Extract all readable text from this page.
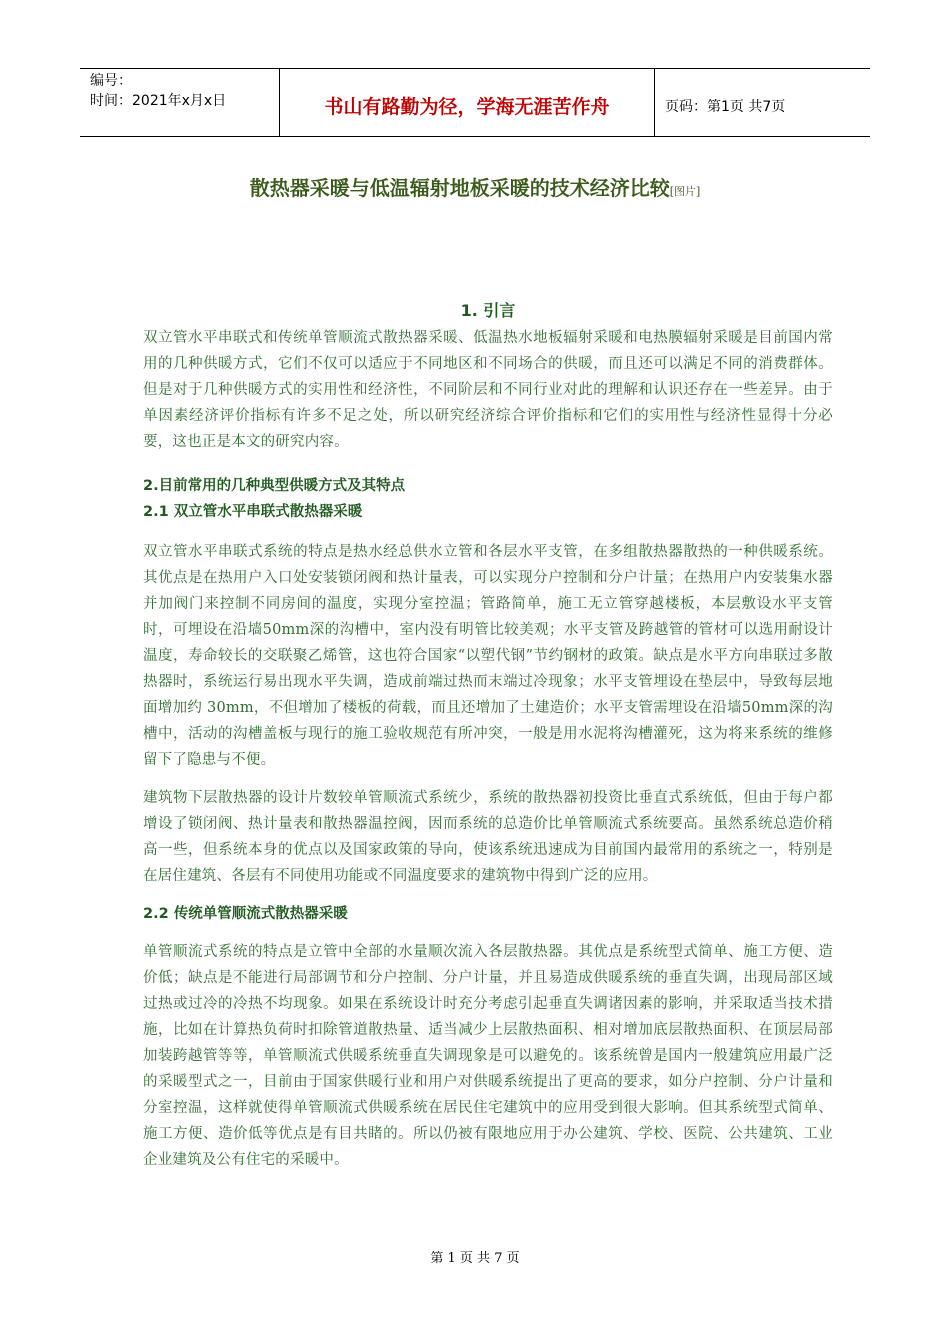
编号：
时间：2021年x月x日	书山有路勤为径，学海无涯苦作舟	页码：第1页 共7页
散热器采暖与低温辐射地板采暖的技术经济比较[图片]
1. 引言

双立管水平串联式和传统单管顺流式散热器采暖、低温热水地板辐射采暖和电热膜辐射采暖是目前国内常用的几种供暖方式，它们不仅可以适应于不同地区和不同场合的供暖，而且还可以满足不同的消费群体。但是对于几种供暖方式的实用性和经济性，不同阶层和不同行业对此的理解和认识还存在一些差异。由于单因素经济评价指标有许多不足之处，所以研究经济综合评价指标和它们的实用性与经济性显得十分必要，这也正是本文的研究内容。

2.目前常用的几种典型供暖方式及其特点
2.1 双立管水平串联式散热器采暖

双立管水平串联式系统的特点是热水经总供水立管和各层水平支管，在多组散热器散热的一种供暖系统。其优点是在热用户入口处安装锁闭阀和热计量表，可以实现分户控制和分户计量；在热用户内安装集水器并加阀门来控制不同房间的温度，实现分室控温；管路简单，施工无立管穿越楼板，本层敷设水平支管时，可埋设在沿墙50mm深的沟槽中，室内没有明管比较美观；水平支管及跨越管的管材可以选用耐设计温度，寿命较长的交联聚乙烯管，这也符合国家“以塑代钢”节约钢材的政策。缺点是水平方向串联过多散热器时，系统运行易出现水平失调，造成前端过热而末端过冷现象；水平支管埋设在垫层中，导致每层地面增加约 30mm，不但增加了楼板的荷载，而且还增加了土建造价；水平支管需埋设在沿墙50mm深的沟槽中，活动的沟槽盖板与现行的施工验收规范有所冲突，一般是用水泥将沟槽灌死，这为将来系统的维修留下了隐患与不便。

建筑物下层散热器的设计片数较单管顺流式系统少，系统的散热器初投资比垂直式系统低，但由于每户都增设了锁闭阀、热计量表和散热器温控阀，因而系统的总造价比单管顺流式系统要高。虽然系统总造价稍高一些，但系统本身的优点以及国家政策的导向，使该系统迅速成为目前国内最常用的系统之一，特别是在居住建筑、各层有不同使用功能或不同温度要求的建筑物中得到广泛的应用。

2.2 传统单管顺流式散热器采暖

单管顺流式系统的特点是立管中全部的水量顺次流入各层散热器。其优点是系统型式简单、施工方便、造价低；缺点是不能进行局部调节和分户控制、分户计量，并且易造成供暖系统的垂直失调，出现局部区域过热或过冷的冷热不均现象。如果在系统设计时充分考虑引起垂直失调诸因素的影响，并采取适当技术措施，比如在计算热负荷时扣除管道散热量、适当减少上层散热面积、相对增加底层散热面积、在顶层局部加装跨越管等等，单管顺流式供暖系统垂直失调现象是可以避免的。该系统曾是国内一般建筑应用最广泛的采暖型式之一，目前由于国家供暖行业和用户对供暖系统提出了更高的要求，如分户控制、分户计量和分室控温，这样就使得单管顺流式供暖系统在居民住宅建筑中的应用受到很大影响。但其系统型式简单、施工方便、造价低等优点是有目共睹的。所以仍被有限地应用于办公建筑、学校、医院、公共建筑、工业企业建筑及公有住宅的采暖中。

第 1 页 共 7 页
